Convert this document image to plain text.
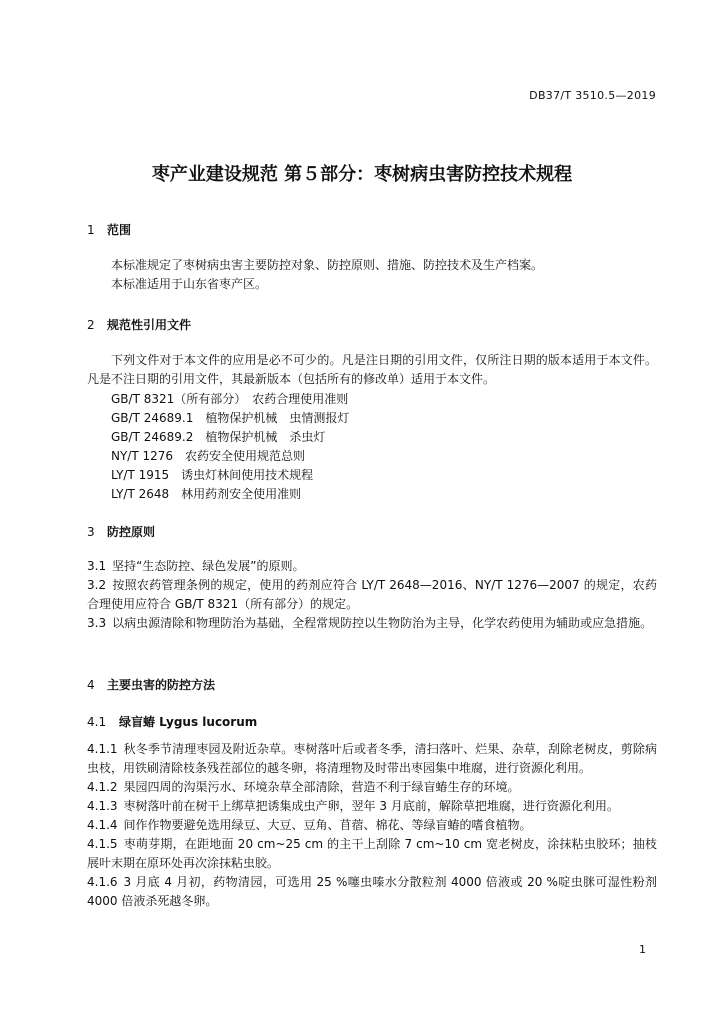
DB37/T 3510.5—2019
枣产业建设规范 第５部分：枣树病虫害防控技术规程
1 范围
本标准规定了枣树病虫害主要防控对象、防控原则、措施、防控技术及生产档案。
本标准适用于山东省枣产区。
2 规范性引用文件
下列文件对于本文件的应用是必不可少的。凡是注日期的引用文件，仅所注日期的版本适用于本文件。凡是不注日期的引用文件，其最新版本（包括所有的修改单）适用于本文件。
GB/T 8321（所有部分）　农药合理使用准则
GB/T 24689.1　植物保护机械　虫情测报灯
GB/T 24689.2　植物保护机械　杀虫灯
NY/T 1276　农药安全使用规范总则
LY/T 1915　诱虫灯林间使用技术规程
LY/T 2648　林用药剂安全使用准则
3 防控原则
3.1 坚持“生态防控、绿色发展”的原则。
3.2 按照农药管理条例的规定，使用的药剂应符合 LY/T 2648—2016、NY/T 1276—2007 的规定，农药合理使用应符合 GB/T 8321（所有部分）的规定。
3.3 以病虫源清除和物理防治为基础，全程常规防控以生物防治为主导，化学农药使用为辅助或应急措施。
4 主要虫害的防控方法
4.1 绿盲蝽 Lygus lucorum
4.1.1 秋冬季节清理枣园及附近杂草。枣树落叶后或者冬季，清扫落叶、烂果、杂草，刮除老树皮，剪除病虫枝，用铁刷清除枝条残茬部位的越冬卵，将清理物及时带出枣园集中堆腐，进行资源化利用。
4.1.2 果园四周的沟渠污水、环境杂草全部清除，营造不利于绿盲蝽生存的环境。
4.1.3 枣树落叶前在树干上绑草把诱集成虫产卵，翌年 3 月底前，解除草把堆腐，进行资源化利用。
4.1.4 间作作物要避免选用绿豆、大豆、豆角、苜蓿、棉花、等绿盲蝽的嗜食植物。
4.1.5 枣萌芽期，在距地面 20 cm~25 cm 的主干上刮除 7 cm~10 cm 宽老树皮，涂抹粘虫胶环；抽枝展叶末期在原环处再次涂抹粘虫胶。
4.1.6 3 月底 4 月初，药物清园，可选用 25 %噻虫嗪水分散粒剂 4000 倍液或 20 %啶虫脒可湿性粉剂 4000 倍液杀死越冬卵。
1
